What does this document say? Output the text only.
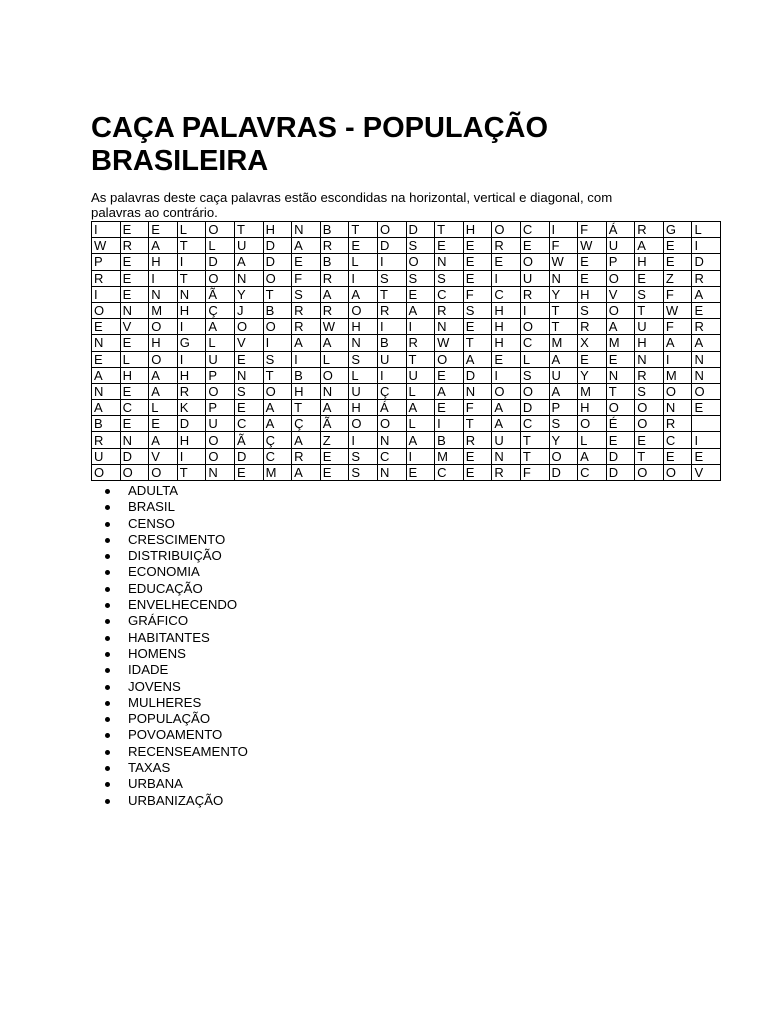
CAÇA PALAVRAS - POPULAÇÃO BRASILEIRA

As palavras deste caça palavras estão escondidas na horizontal, vertical e diagonal, com palavras ao contrário.

I	E	E	L	O	T	H	N	B	T	O	D	T	H	O	C	I	F	Á	R	G	L
W	R	A	T	L	U	D	A	R	E	D	S	E	E	R	E	F	W	U	A	E	I
P	E	H	I	D	A	D	E	B	L	I	O	N	E	E	O	W	E	P	H	E	D
R	E	I	T	O	N	O	F	R	I	S	S	S	E	I	U	N	E	O	E	Z	R
I	E	N	N	Ã	Y	T	S	A	A	T	E	C	F	C	R	Y	H	V	S	F	A
O	N	M	H	Ç	J	B	R	R	O	R	A	R	S	H	I	T	S	O	T	W	E
E	V	O	I	A	O	O	R	W	H	I	I	N	E	H	O	T	R	A	U	F	R
N	E	H	G	L	V	I	A	A	N	B	R	W	T	H	C	M	X	M	H	A	A
E	L	O	I	U	E	S	I	L	S	U	T	O	A	E	L	A	E	E	N	I	N
A	H	A	H	P	N	T	B	O	L	I	U	E	D	I	S	U	Y	N	R	M	N
N	E	A	R	O	S	O	H	N	U	Ç	L	A	N	O	O	A	M	T	S	O	O
A	C	L	K	P	E	A	T	A	H	Á	A	E	F	A	D	P	H	O	O	N	E
B	E	E	D	U	C	A	Ç	Ã	O	O	L	I	T	A	C	S	O	É	O	R	
R	N	A	H	O	Ã	Ç	A	Z	I	N	A	B	R	U	T	Y	L	E	E	C	I
U	D	V	I	O	D	C	R	E	S	C	I	M	E	N	T	O	A	D	T	E	E
O	O	O	T	N	E	M	A	E	S	N	E	C	E	R	F	D	C	D	O	O	V
ADULTA
BRASIL
CENSO
CRESCIMENTO
DISTRIBUIÇÃO
ECONOMIA
EDUCAÇÃO
ENVELHECENDO
GRÁFICO
HABITANTES
HOMENS
IDADE
JOVENS
MULHERES
POPULAÇÃO
POVOAMENTO
RECENSEAMENTO
TAXAS
URBANA
URBANIZAÇÃO
